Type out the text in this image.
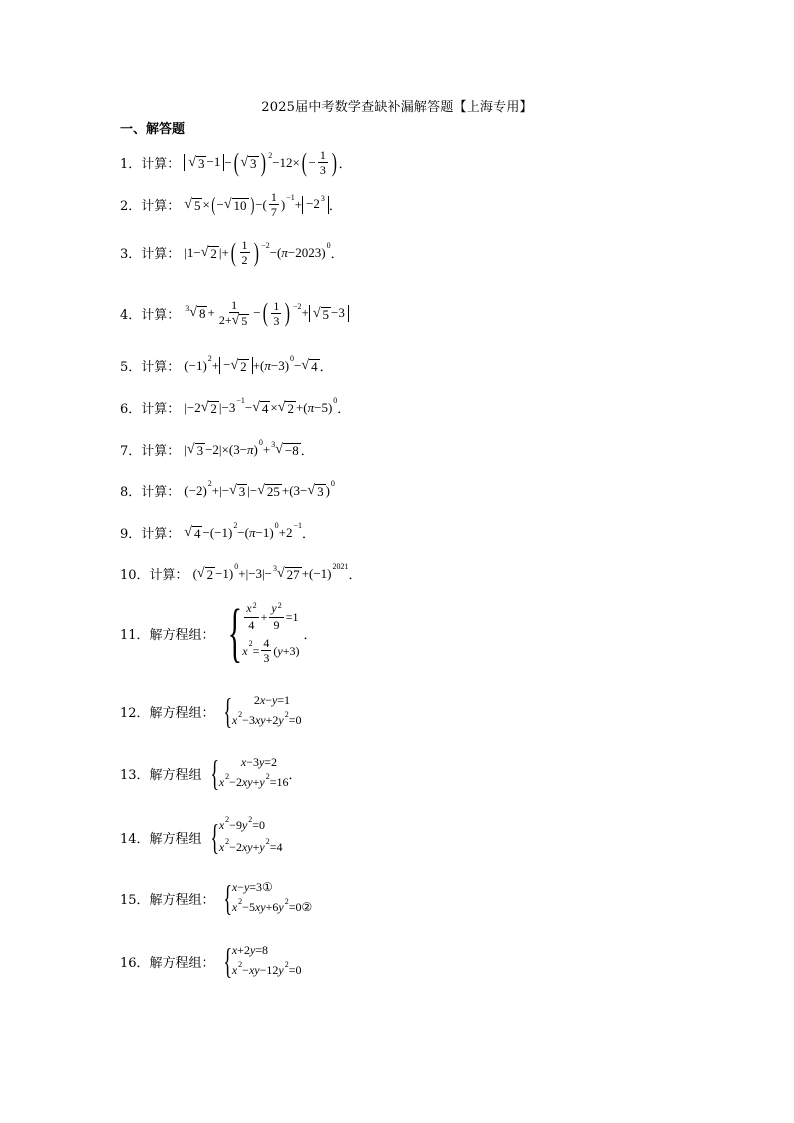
2025届中考数学查缺补漏解答题【上海专用】
一、解答题
1． 计算： √ 3 −1 − ( √ 3 ) 2 −12× ( − $\frac{1}{3}$ ) ．
2． 计算： √ 5 × ( − √ 10 ) −( $\frac{1}{7}$ ) $-1 + -2^3$ ．
3． 计算： |1− √ 2 |+ ( $\frac{1}{2}$ ) −2 −( π −2023) 0
．
4． 计算： 3 √ $8 + \frac{1}{2+ √ 5}$ − ( $\frac{1}{3}$ ) −2 + √ 5 −3
5． 计算： (−1) 2 + − √ 2 +( π −3) 0 − √ 4 ．
6． 计算： |−2 √ 2 |−3 −1 − √ 4 × √ 2 +( π −5) 0
．
7． 计算： | √ 3 −2|×(3− π ) 0 + 3 √ −8 ．
8． 计算： (−2) 2 +|− √ 3 |− √ 25 +(3− √ 3 ) 0
9． 计算： √ 4 −(−1) 2 −( π −1) 0 +2 −1
．
10． 计算： ( √ 2 −1) 0 +|−3|− 3 √ 27 +(−1) 2021
．
11． 解方程组： { $\frac{x^2}{4} + \frac{y^2}{9} =1$
x
2
= $\frac{4}{3}$ ( y +3)
．
12． 解方程组： {	2x−y=1
$x^2-3xy+2y^2=0$
13． 解方程组 {	x−3y=2
$x^2-2xy+y^2=16$
．
14． 解方程组 { $x^2-9y^2=0$
$x^2-2xy+y^2=4$
15． 解方程组： { x−y=3①
$x^2-5xy+6y^2=0②$
16． 解方程组： { x+2y=8
$x^2-xy-12y^2=0$
